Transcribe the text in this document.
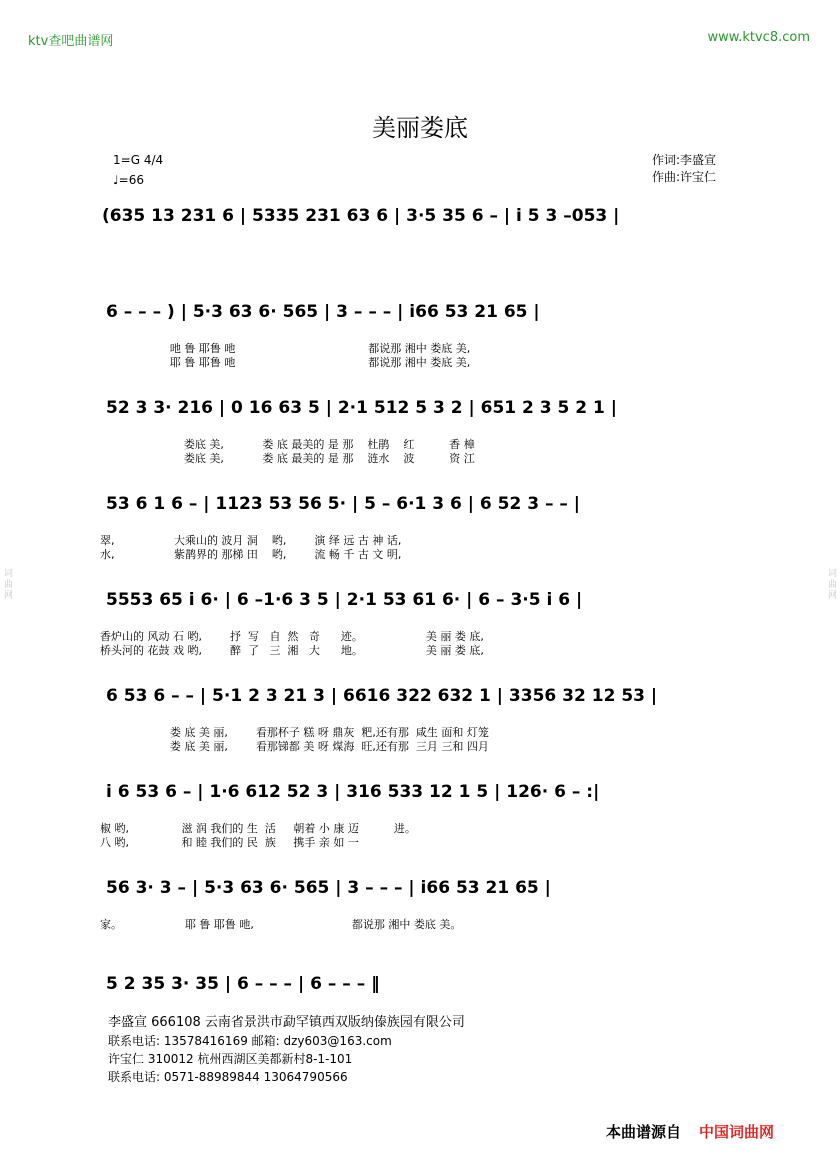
词曲网	词曲网
ktv查吧曲谱网	www.ktvc8.com
美丽娄底
1=G 4/4
♩=66
作词:李盛宣
作曲:许宝仁
(635 13 231 6 | 5335 231 63 6 | 3·5 35 6 – | i 5 3 –053 |
6 – – – ) | 5·3 63 6· 565 | 3 – – – | i66 53 21 65 |
吔 鲁 耶鲁 吔                                      都说那 湘中 娄底 美,
耶 鲁 耶鲁 吔                                      都说那 湘中 娄底 美,
52 3 3· 216 | 0 16 63 5 | 2·1 512 5 3 2 | 651 2 3 5 2 1 |
娄底 美,           娄 底 最美的 是 那    杜鹃    红          香 樟
娄底 美,           娄 底 最美的 是 那    涟水    波          资 江
53 6 1 6 – | 1123 53 56 5· | 5 – 6·1 3 6 | 6 52 3 – – |
翠,                 大乘山的 波月 洞    哟,        演 绎 远 古 神 话,
水,                 紫鹊界的 那梯 田    哟,        流 畅 千 古 文 明,
5553 65 i 6· | 6 –1·6 3 5 | 2·1 53 61 6· | 6 – 3·5 i 6 |
香炉山的 风动 石 哟,        抒  写   自  然   奇      迹。                  美 丽 娄 底,
桥头河的 花鼓 戏 哟,        醉  了   三  湘   大      地。                  美 丽 娄 底,
6 53 6 – – | 5·1 2 3 21 3 | 6616 322 632 1 | 3356 32 12 53 |
娄 底 美 丽,        看那杯子 糕 呀 鼎灰  粑,还有那  咸生 面和 灯笼
娄 底 美 丽,        看那锑都 美 呀 煤海  旺,还有那  三月 三和 四月
i 6 53 6 – | 1·6 612 52 3 | 316 533 12 1 5 | 126· 6 – :|
椒 哟,               滋 润 我们的 生  活     朝着 小 康 迈          进。
八 哟,               和 睦 我们的 民  族     携手 亲 如 一
56 3· 3 – | 5·3 63 6· 565 | 3 – – – | i66 53 21 65 |
家。                  耶 鲁 耶鲁 吔,                            都说那 湘中 娄底 美。
5 2 35 3· 35 | 6 – – – | 6 – – – ‖
李盛宣 666108 云南省景洪市勐罕镇西双版纳傣族园有限公司
联系电话: 13578416169 邮箱: dzy603@163.com
许宝仁 310012 杭州西湖区美都新村8-1-101
联系电话: 0571-88989844 13064790566
本曲谱源自 中国词曲网
